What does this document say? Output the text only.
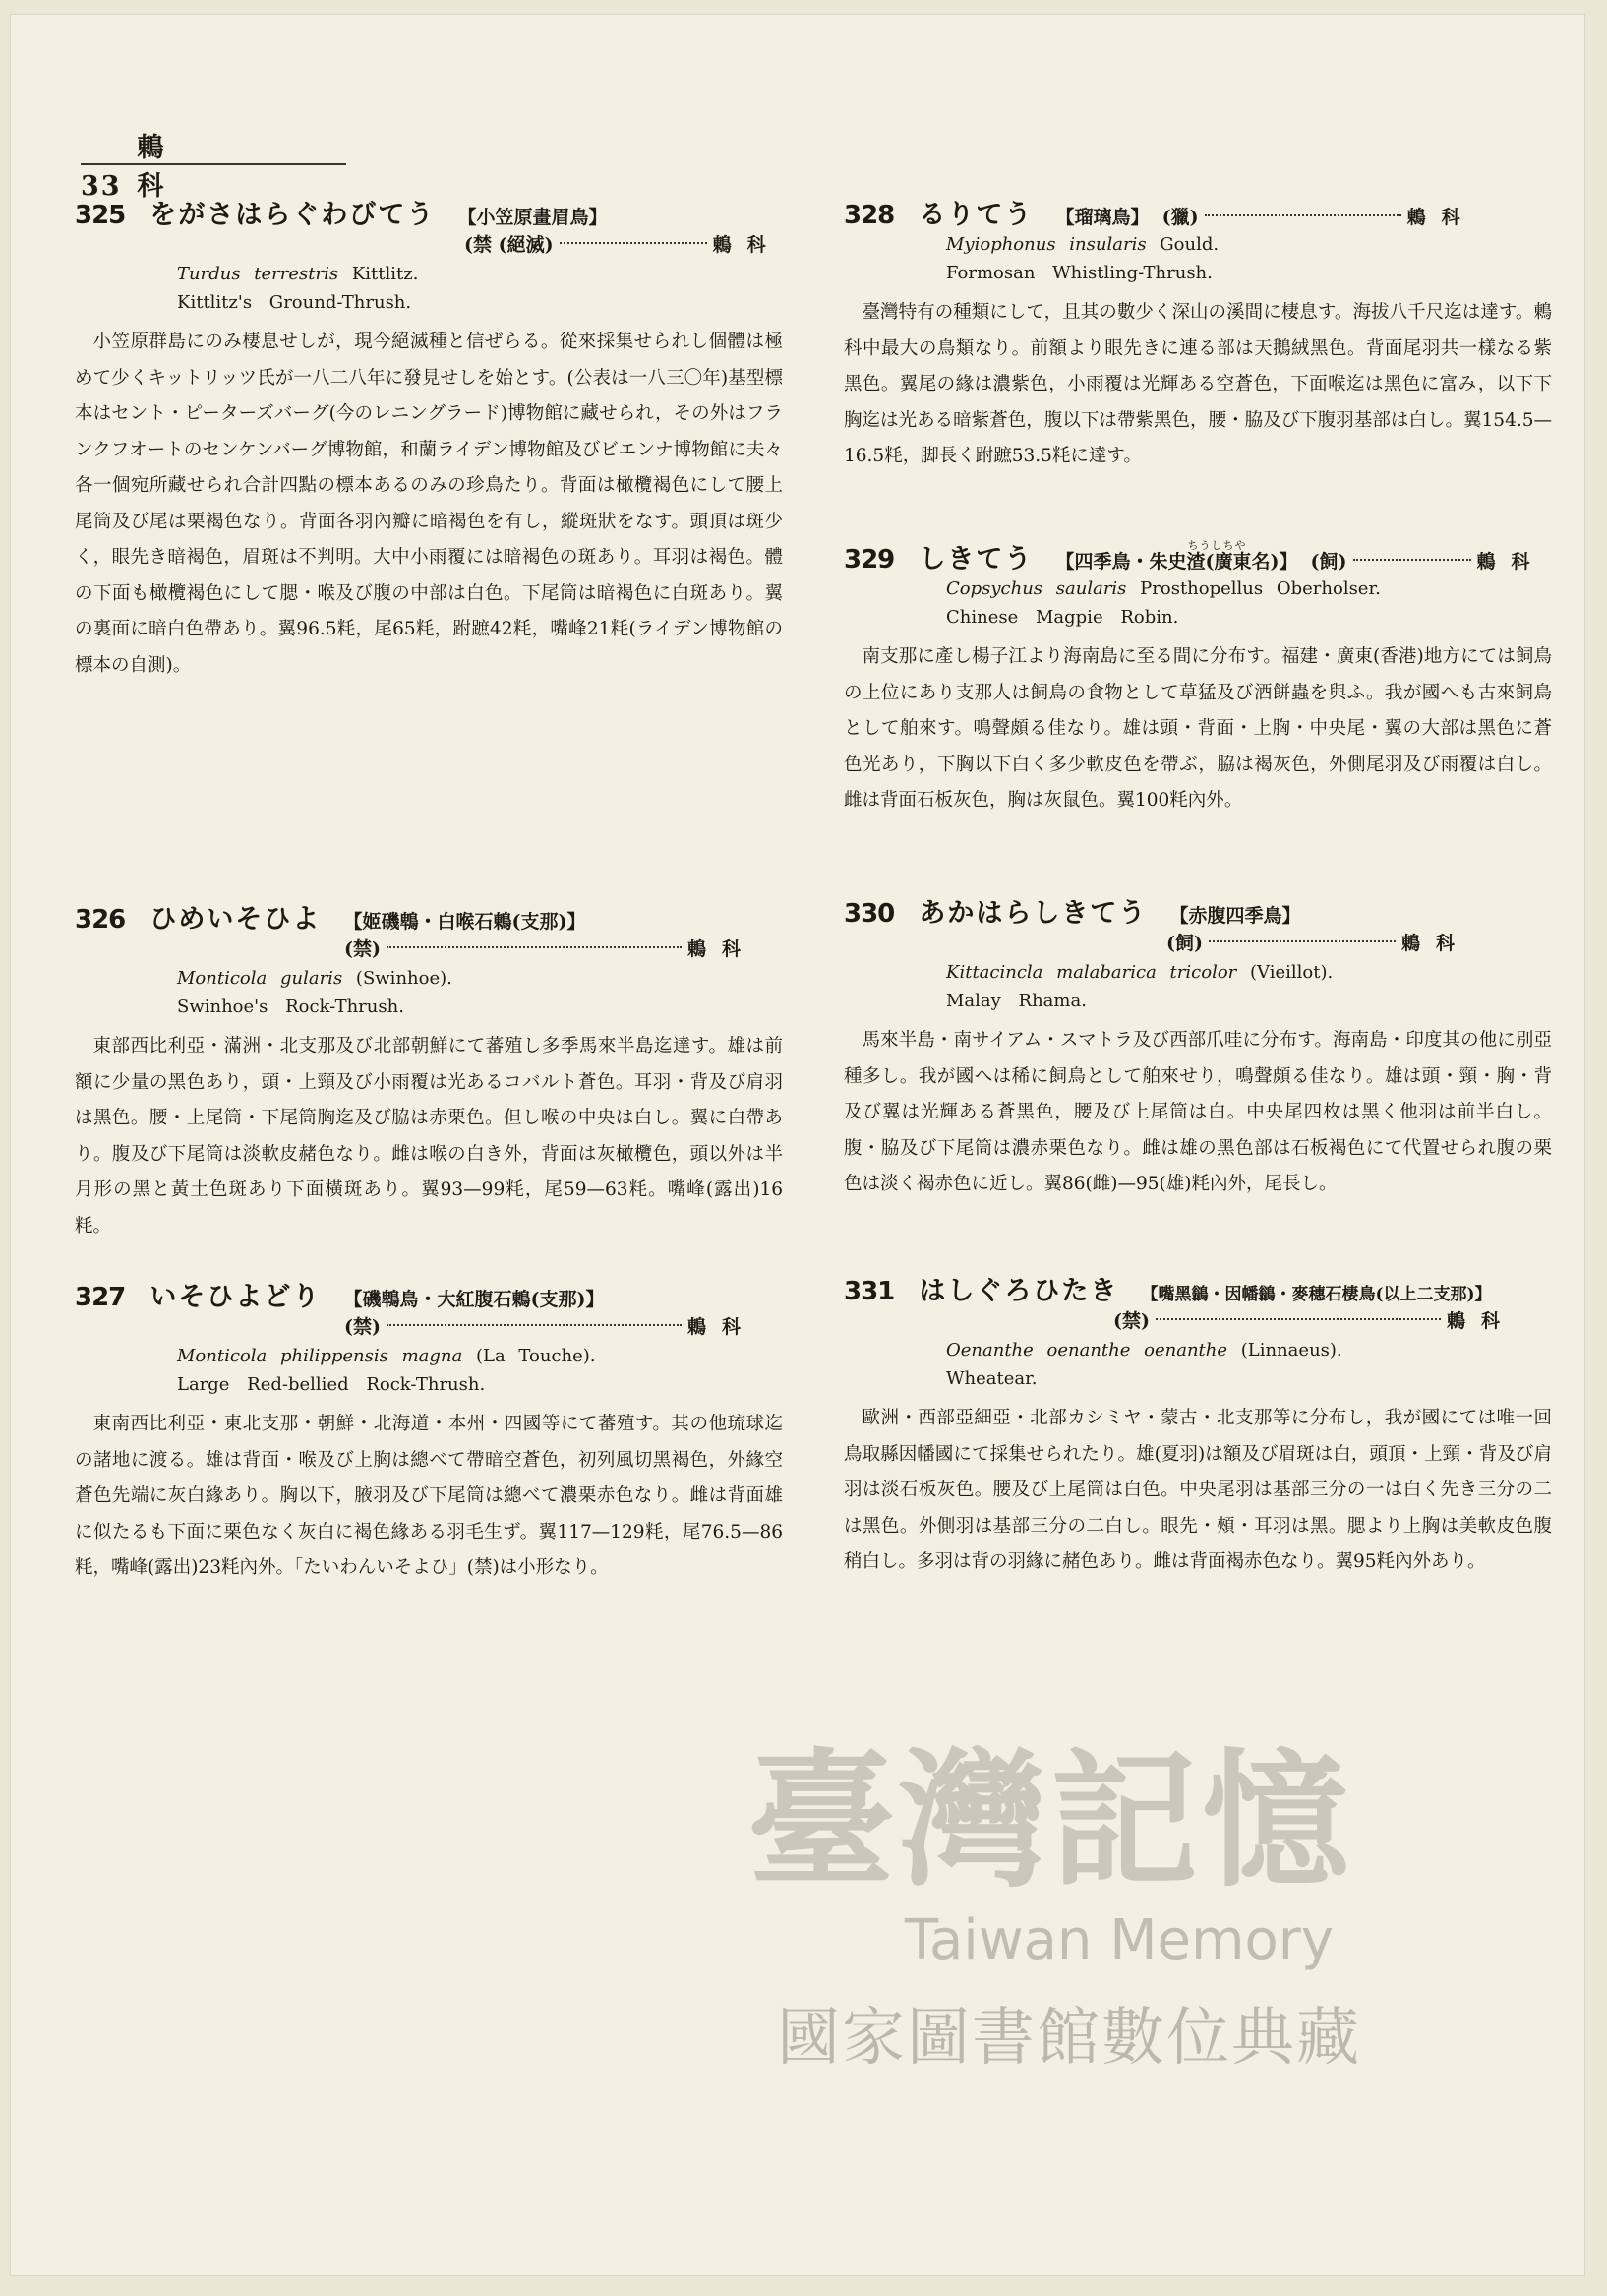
33 鶇科
325 をがさはらぐわびてう 【小笠原畫眉鳥】
(禁 (絕滅)	鶇科
Turdus terrestris Kittlitz.
Kittlitz's Ground-Thrush.
小笠原群島にのみ棲息せしが，現今絕滅種と信ぜらる。從來採集せられし個體は極めて少くキットリッツ氏が一八二八年に發見せしを始とす。(公表は一八三〇年)基型標本はセント・ピーターズバーグ(今のレニングラード)博物館に藏せられ，その外はフランクフオートのセンケンバーグ博物館，和蘭ライデン博物館及びビエンナ博物館に夫々各一個宛所藏せられ合計四點の標本あるのみの珍鳥たり。背面は橄欖褐色にして腰上尾筒及び尾は栗褐色なり。背面各羽內瓣に暗褐色を有し，縱斑狀をなす。頭頂は斑少く，眼先き暗褐色，眉斑は不判明。大中小雨覆には暗褐色の斑あり。耳羽は褐色。體の下面も橄欖褐色にして腮・喉及び腹の中部は白色。下尾筒は暗褐色に白斑あり。翼の裏面に暗白色帶あり。翼96.5粍，尾65粍，跗蹠42粍，嘴峰21粍(ライデン博物館の標本の自測)。
326 ひめいそひよ 【姬磯鵯・白喉石鶇(支那)】
(禁)	鶇科
Monticola gularis (Swinhoe).
Swinhoe's Rock-Thrush.
東部西比利亞・滿洲・北支那及び北部朝鮮にて蕃殖し多季馬來半島迄達す。雄は前額に少量の黑色あり，頭・上頸及び小雨覆は光あるコバルト蒼色。耳羽・背及び肩羽は黑色。腰・上尾筒・下尾筒胸迄及び脇は赤栗色。但し喉の中央は白し。翼に白帶あり。腹及び下尾筒は淡軟皮赭色なり。雌は喉の白き外，背面は灰橄欖色，頭以外は半月形の黑と黃土色斑あり下面橫斑あり。翼93—99粍，尾59—63粍。嘴峰(露出)16粍。
327 いそひよどり 【磯鵯鳥・大紅腹石鶇(支那)】
(禁)	鶇科
Monticola philippensis magna (La Touche).
Large Red-bellied Rock-Thrush.
東南西比利亞・東北支那・朝鮮・北海道・本州・四國等にて蕃殖す。其の他琉球迄の諸地に渡る。雄は背面・喉及び上胸は總べて帶暗空蒼色，初列風切黑褐色，外緣空蒼色先端に灰白緣あり。胸以下，腋羽及び下尾筒は總べて濃栗赤色なり。雌は背面雄に似たるも下面に栗色なく灰白に褐色緣ある羽毛生ず。翼117—129粍，尾76.5—86粍，嘴峰(露出)23粍內外。「たいわんいそよひ」(禁)は小形なり。
328 るりてう 【瑠璃鳥】 (獵)	鶇科
Myiophonus insularis Gould.
Formosan Whistling-Thrush.
臺灣特有の種類にして，且其の數少く深山の溪間に棲息す。海拔八千尺迄は達す。鶇科中最大の鳥類なり。前額より眼先きに連る部は天鵝絨黑色。背面尾羽共一樣なる紫黑色。翼尾の緣は濃紫色，小雨覆は光輝ある空蒼色，下面喉迄は黑色に富み，以下下胸迄は光ある暗紫蒼色，腹以下は帶紫黑色，腰・脇及び下腹羽基部は白し。翼154.5—16.5粍，脚長く跗蹠53.5粍に達す。
329 しきてう	ちうしちや
【四季鳥・朱史渣(廣東名)】 (飼)	鶇科
Copsychus saularis Prosthopellus Oberholser.
Chinese Magpie Robin.
南支那に產し楊子江より海南島に至る間に分布す。福建・廣東(香港)地方にては飼鳥の上位にあり支那人は飼鳥の食物として草猛及び酒餅蟲を與ふ。我が國へも古來飼鳥として舶來す。鳴聲頗る佳なり。雄は頭・背面・上胸・中央尾・翼の大部は黑色に蒼色光あり，下胸以下白く多少軟皮色を帶ぶ，脇は褐灰色，外側尾羽及び雨覆は白し。雌は背面石板灰色，胸は灰鼠色。翼100粍內外。
330 あかはらしきてう 【赤腹四季鳥】
(飼)	鶇科
Kittacincla malabarica tricolor (Vieillot).
Malay Rhama.
馬來半島・南サイアム・スマトラ及び西部爪哇に分布す。海南島・印度其の他に別亞種多し。我が國へは稀に飼鳥として舶來せり，鳴聲頗る佳なり。雄は頭・頸・胸・背及び翼は光輝ある蒼黑色，腰及び上尾筒は白。中央尾四枚は黑く他羽は前半白し。腹・脇及び下尾筒は濃赤栗色なり。雌は雄の黑色部は石板褐色にて代置せられ腹の栗色は淡く褐赤色に近し。翼86(雌)—95(雄)粍內外，尾長し。
331 はしぐろひたき 【嘴黑鶲・因幡鶲・麥穗石棲鳥(以上二支那)】
(禁)	鶇科
Oenanthe oenanthe oenanthe (Linnaeus).
Wheatear.
歐洲・西部亞細亞・北部カシミヤ・蒙古・北支那等に分布し，我が國にては唯一回鳥取縣因幡國にて採集せられたり。雄(夏羽)は額及び眉斑は白，頭頂・上頸・背及び肩羽は淡石板灰色。腰及び上尾筒は白色。中央尾羽は基部三分の一は白く先き三分の二は黑色。外側羽は基部三分の二白し。眼先・頰・耳羽は黑。腮より上胸は美軟皮色腹稍白し。多羽は背の羽緣に赭色あり。雌は背面褐赤色なり。翼95粍內外あり。
臺灣記憶
Taiwan Memory
國家圖書館數位典藏
